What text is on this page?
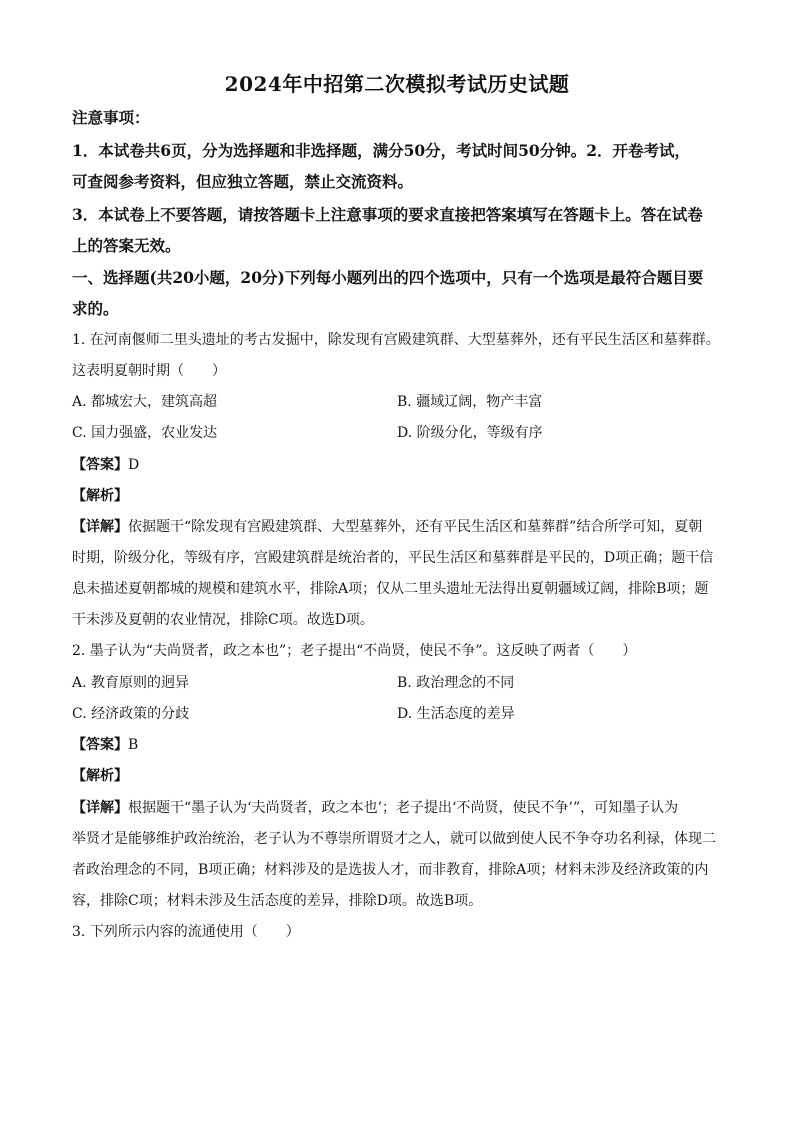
2024年中招第二次模拟考试历史试题
注意事项：
1．本试卷共6页，分为选择题和非选择题，满分50分，考试时间50分钟。2．开卷考试，
可查阅参考资料，但应独立答题，禁止交流资料。
3．本试卷上不要答题，请按答题卡上注意事项的要求直接把答案填写在答题卡上。答在试卷
上的答案无效。
一、选择题(共20小题，20分)下列每小题列出的四个选项中，只有一个选项是最符合题目要
求的。
1. 在河南偃师二里头遗址的考古发掘中，除发现有宫殿建筑群、大型墓葬外，还有平民生活区和墓葬群。
这表明夏朝时期（　　）
A. 都城宏大，建筑高超	B. 疆域辽阔，物产丰富
C. 国力强盛，农业发达	D. 阶级分化，等级有序
【答案】D
【解析】
【详解】依据题干“除发现有宫殿建筑群、大型墓葬外，还有平民生活区和墓葬群”结合所学可知，夏朝
时期，阶级分化，等级有序，宫殿建筑群是统治者的，平民生活区和墓葬群是平民的，D项正确；题干信
息未描述夏朝都城的规模和建筑水平，排除A项；仅从二里头遗址无法得出夏朝疆域辽阔，排除B项；题
干未涉及夏朝的农业情况，排除C项。故选D项。
2. 墨子认为“夫尚贤者，政之本也”；老子提出“不尚贤，使民不争”。这反映了两者（　　）
A. 教育原则的迥异	B. 政治理念的不同
C. 经济政策的分歧	D. 生活态度的差异
【答案】B
【解析】
【详解】根据题干“墨子认为‘夫尚贤者，政之本也’；老子提出‘不尚贤，使民不争’”，可知墨子认为
举贤才是能够维护政治统治，老子认为不尊崇所谓贤才之人，就可以做到使人民不争夺功名利禄，体现二
者政治理念的不同，B项正确；材料涉及的是选拔人才，而非教育，排除A项；材料未涉及经济政策的内
容，排除C项；材料未涉及生活态度的差异，排除D项。故选B项。
3. 下列所示内容的流通使用（　　）
